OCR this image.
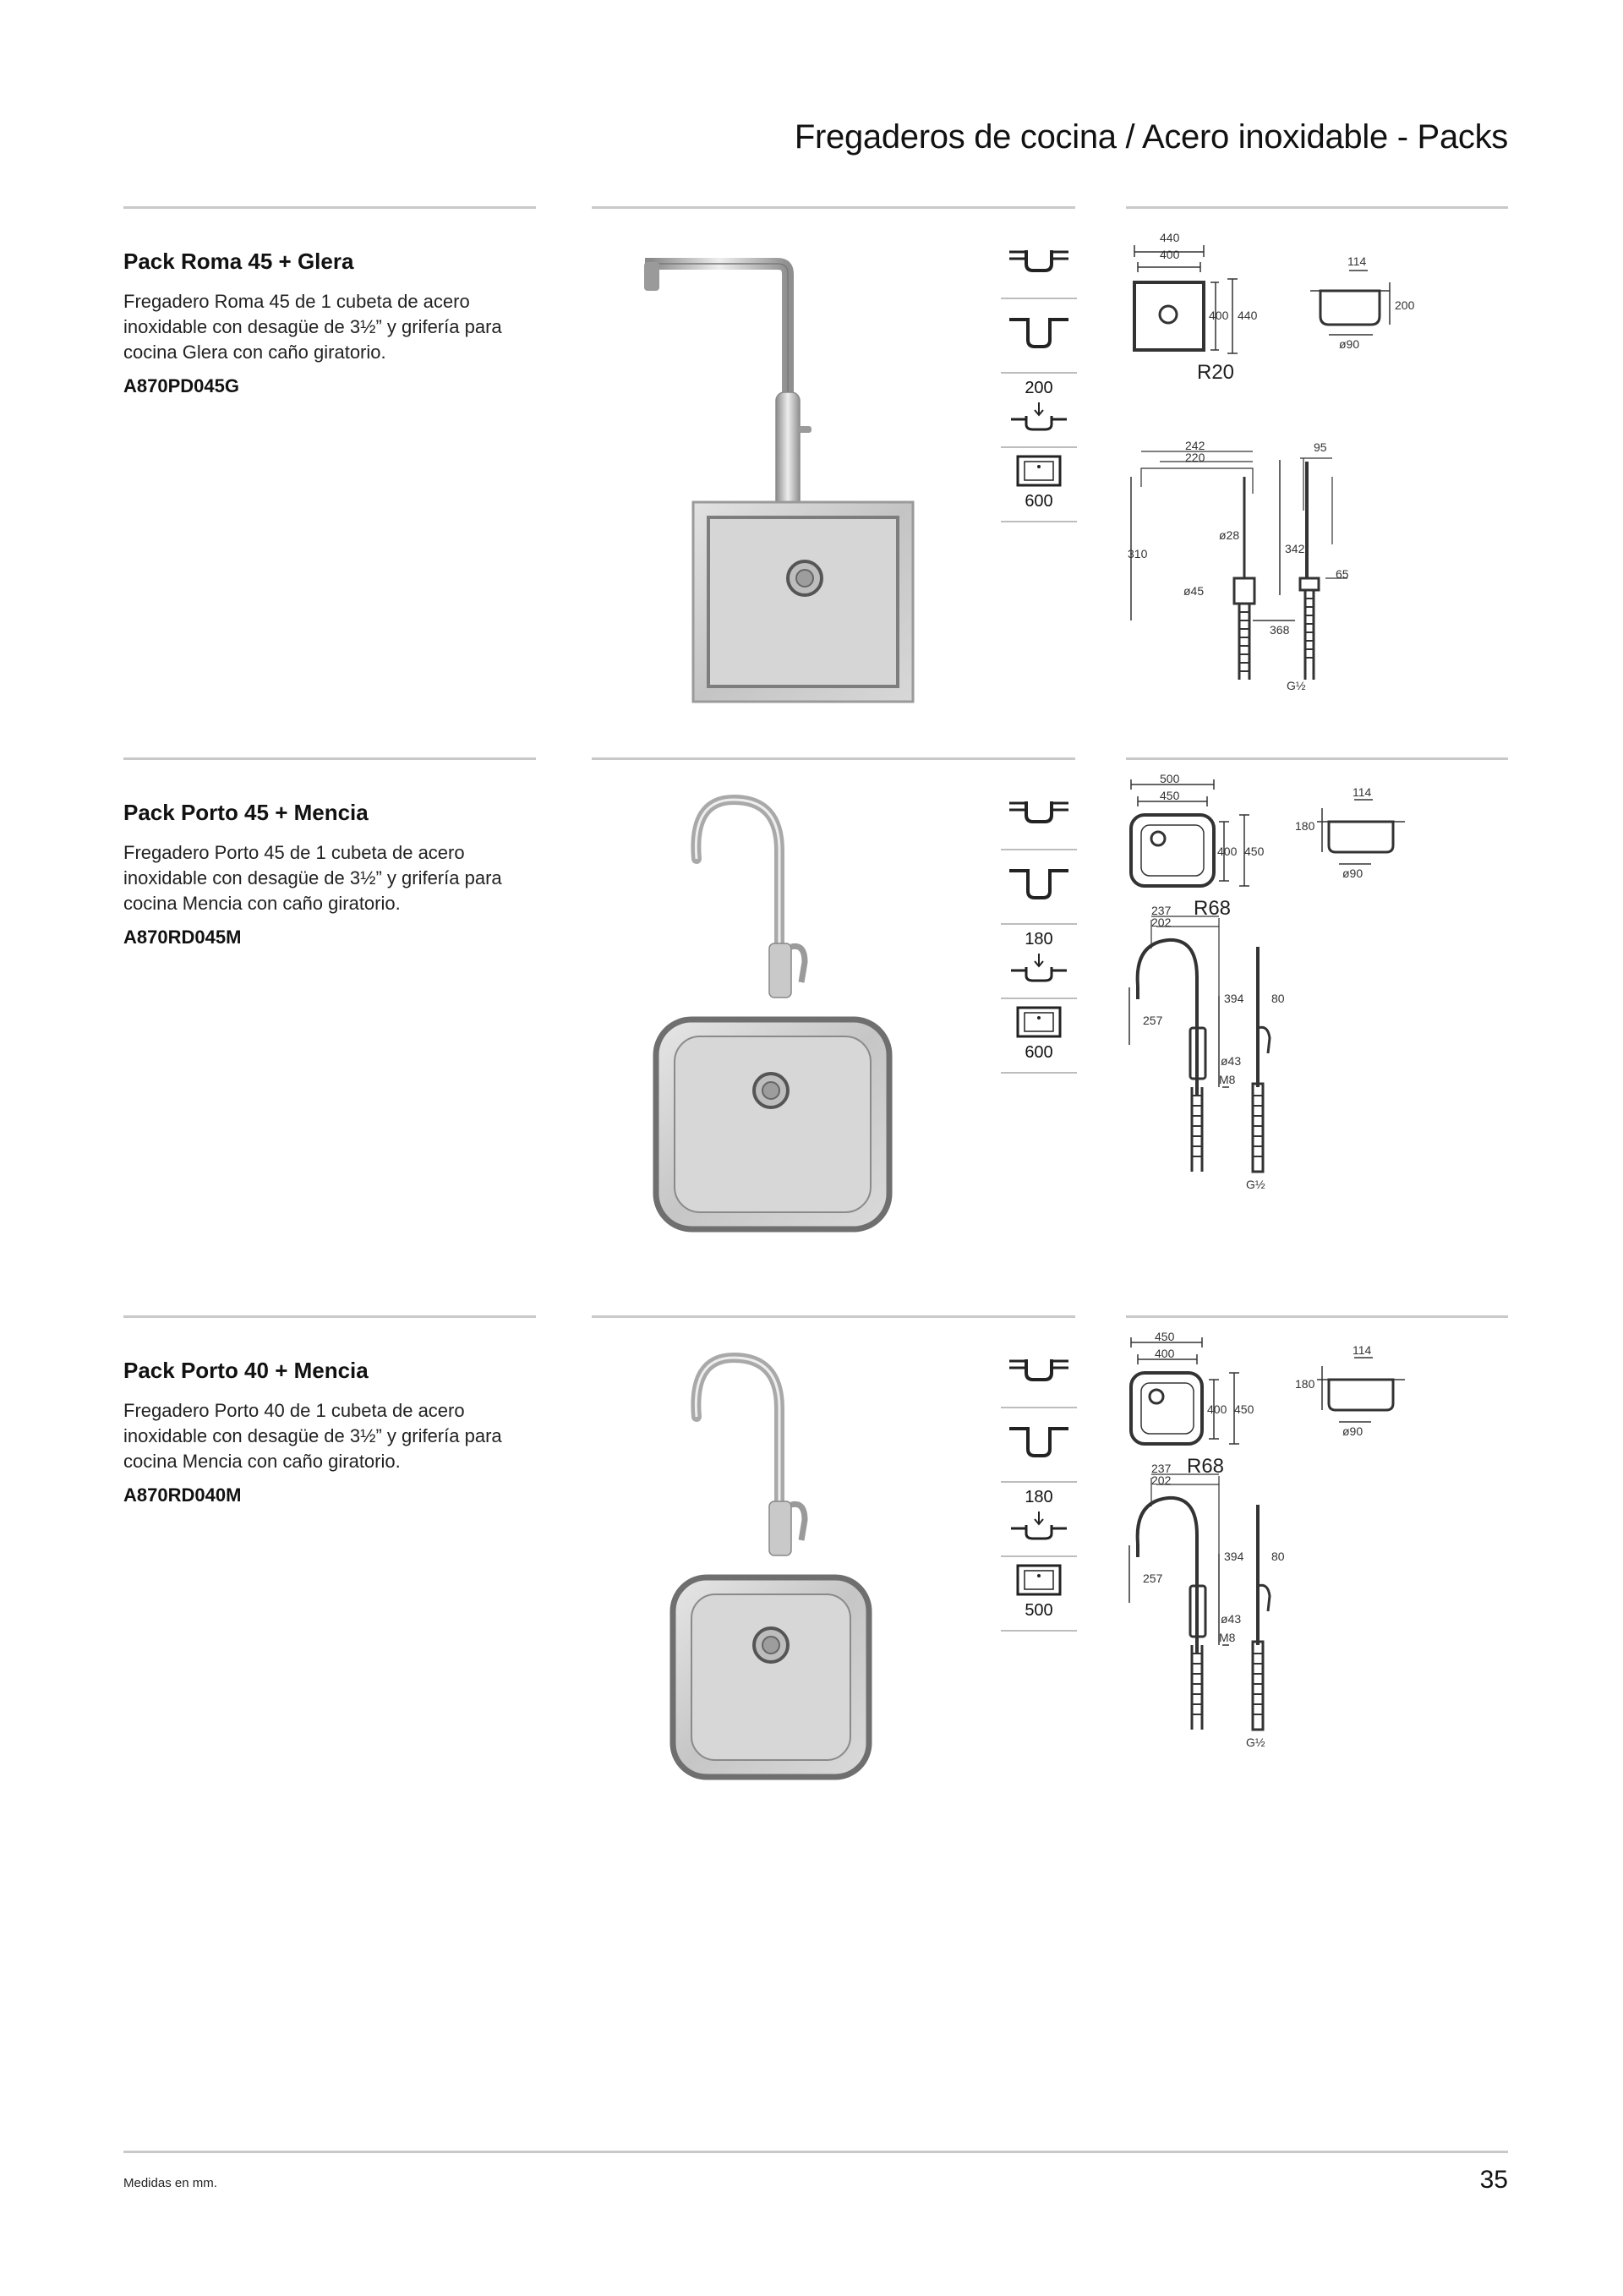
Fregaderos de cocina / Acero inoxidable - Packs
Pack Roma 45 + Glera
Fregadero Roma 45 de 1 cubeta de acero
inoxidable con desagüe de 3½” y grifería para
cocina Glera con caño giratorio.
A870PD045G	200
600
440
400
400 440
R20
114
200
ø90
242
220
310	342
ø28
ø45
95
65
368
G½
Pack Porto 45 + Mencia
Fregadero Porto 45 de 1 cubeta de acero
inoxidable con desagüe de 3½” y grifería para
cocina Mencia con caño giratorio.
A870RD045M	180
600
500
450
400 450
R68
114
180
ø90
237
202
257
394
ø43
M8
80
G½
Pack Porto 40 + Mencia
Fregadero Porto 40 de 1 cubeta de acero
inoxidable con desagüe de 3½” y grifería para
cocina Mencia con caño giratorio.
A870RD040M	180
500
450
400
400 450
R68
114
180
ø90
237
202
257
394
ø43
M8
80
G½
Medidas en mm.	35
